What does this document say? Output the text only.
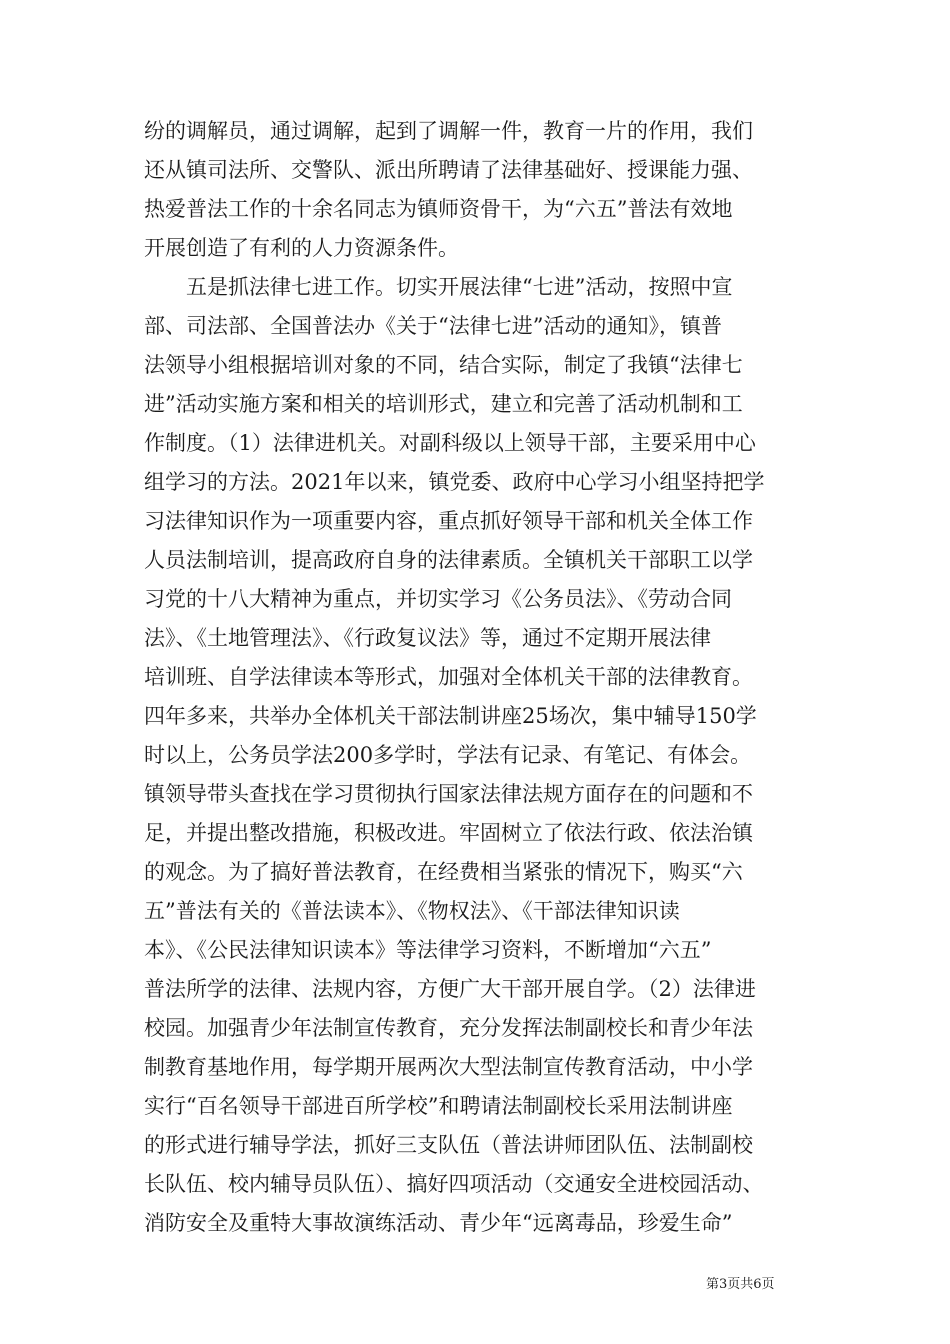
纷的调解员，通过调解，起到了调解一件，教育一片的作用，我们
还从镇司法所、交警队、派出所聘请了法律基础好、授课能力强、
热爱普法工作的十余名同志为镇师资骨干，为“六五”普法有效地
开展创造了有利的人力资源条件。
　　五是抓法律七进工作。切实开展法律“七进”活动，按照中宣
部、司法部、全国普法办《关于“法律七进”活动的通知》，镇普
法领导小组根据培训对象的不同，结合实际，制定了我镇“法律七
进”活动实施方案和相关的培训形式，建立和完善了活动机制和工
作制度。（1）法律进机关。对副科级以上领导干部，主要采用中心
组学习的方法。2021年以来，镇党委、政府中心学习小组坚持把学
习法律知识作为一项重要内容，重点抓好领导干部和机关全体工作
人员法制培训，提高政府自身的法律素质。全镇机关干部职工以学
习党的十八大精神为重点，并切实学习《公务员法》、《劳动合同
法》、《土地管理法》、《行政复议法》等，通过不定期开展法律
培训班、自学法律读本等形式，加强对全体机关干部的法律教育。
四年多来，共举办全体机关干部法制讲座25场次，集中辅导150学
时以上，公务员学法200多学时，学法有记录、有笔记、有体会。
镇领导带头查找在学习贯彻执行国家法律法规方面存在的问题和不
足，并提出整改措施，积极改进。牢固树立了依法行政、依法治镇
的观念。为了搞好普法教育，在经费相当紧张的情况下，购买“六
五”普法有关的《普法读本》、《物权法》、《干部法律知识读
本》、《公民法律知识读本》等法律学习资料，不断增加“六五”
普法所学的法律、法规内容，方便广大干部开展自学。（2）法律进
校园。加强青少年法制宣传教育，充分发挥法制副校长和青少年法
制教育基地作用，每学期开展两次大型法制宣传教育活动，中小学
实行“百名领导干部进百所学校”和聘请法制副校长采用法制讲座
的形式进行辅导学法，抓好三支队伍（普法讲师团队伍、法制副校
长队伍、校内辅导员队伍）、搞好四项活动（交通安全进校园活动、
消防安全及重特大事故演练活动、青少年“远离毒品，珍爱生命”
第3页共6页
